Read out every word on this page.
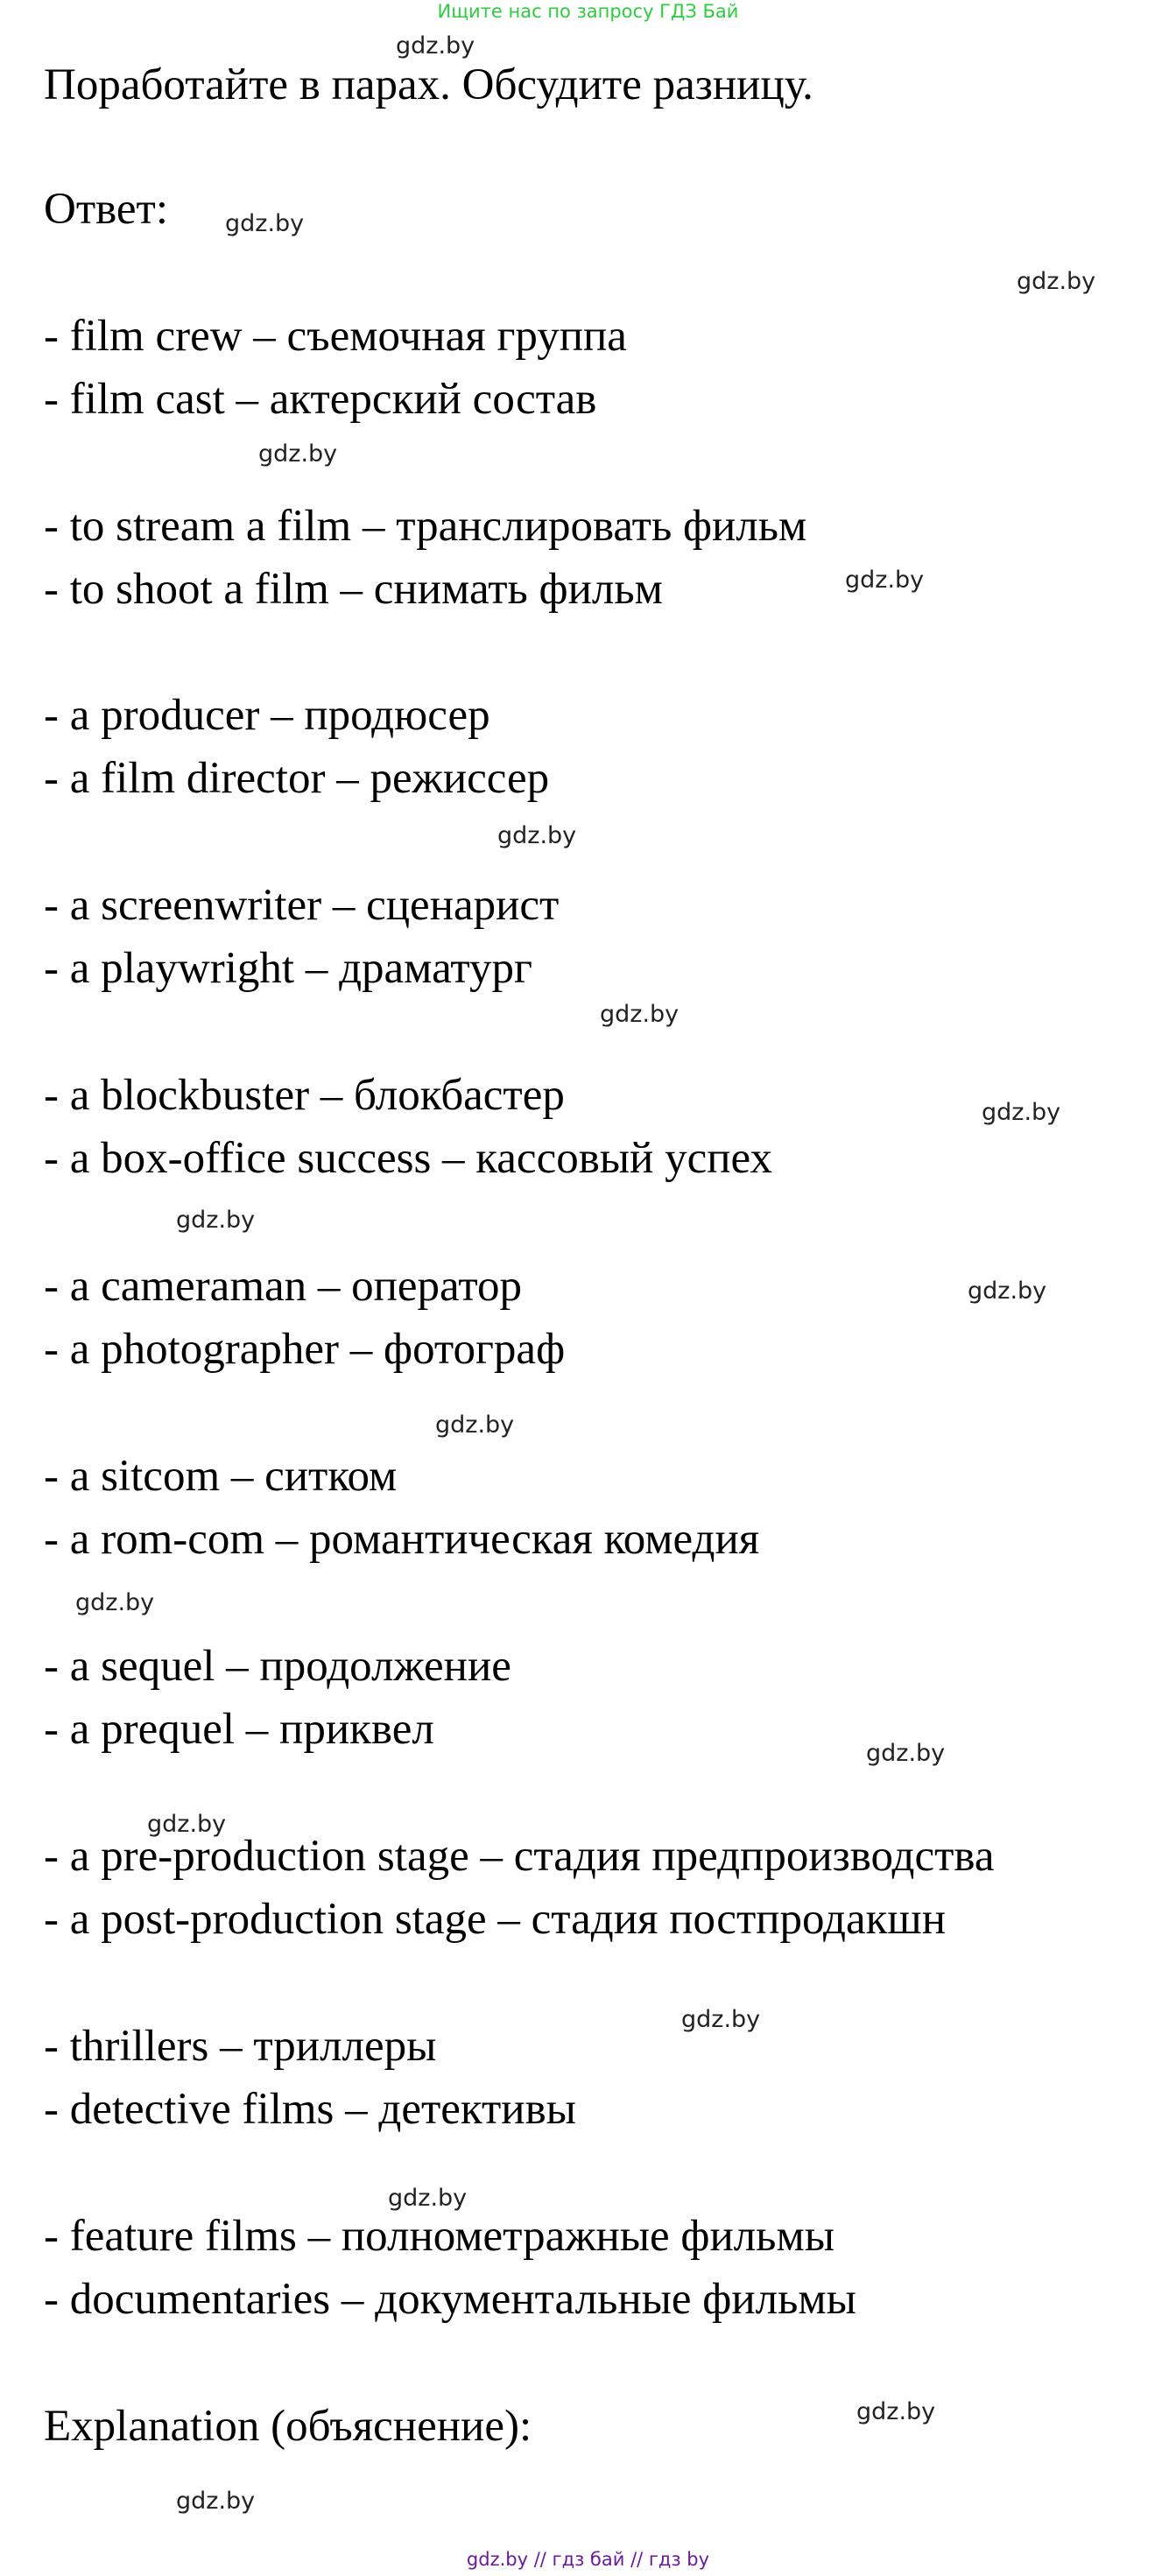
Ищите нас по запросу ГДЗ Бай
Поработайте в парах. Обсудите разницу.
Ответ:
- film crew – съемочная группа
- film cast – актерский состав
- to stream a film – транслировать фильм
- to shoot a film – снимать фильм
- a producer – продюсер
- a film director – режиссер
- a screenwriter – сценарист
- a playwright – драматург
- a blockbuster – блокбастер
- a box-office success – кассовый успех
- a cameraman – оператор
- a photographer – фотограф
- a sitcom – ситком
- a rom-com – романтическая комедия
- a sequel – продолжение
- a prequel – приквел
- a pre-production stage – стадия предпроизводства
- a post-production stage – стадия постпродакшн
- thrillers – триллеры
- detective films – детективы
- feature films – полнометражные фильмы
- documentaries – документальные фильмы
Explanation (объяснение):
gdz.by
gdz.by
gdz.by
gdz.by
gdz.by
gdz.by
gdz.by
gdz.by
gdz.by
gdz.by
gdz.by
gdz.by
gdz.by
gdz.by
gdz.by
gdz.by
gdz.by
gdz.by
gdz.by // гдз бай // гдз by
